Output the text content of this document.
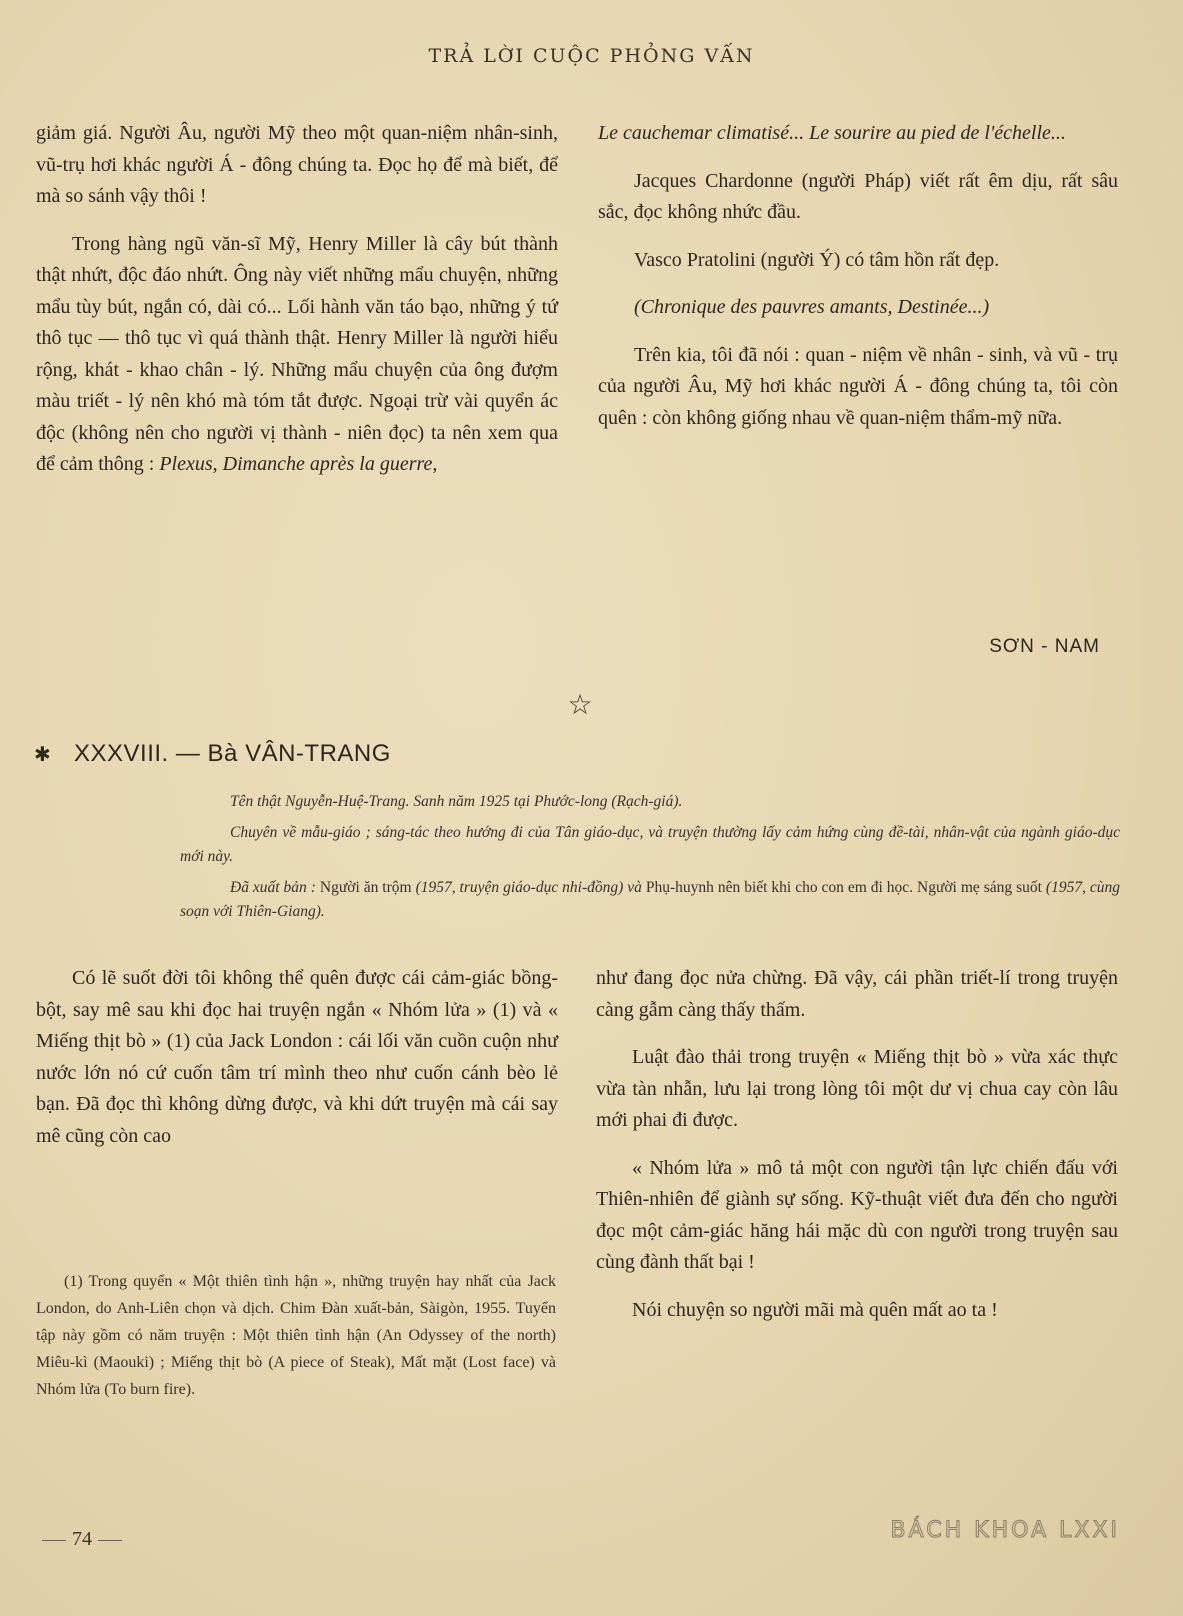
TRẢ LỜI CUỘC PHỎNG VẤN

giảm giá. Người Âu, người Mỹ theo một quan-niệm nhân-sinh, vũ-trụ hơi khác người Á - đông chúng ta. Đọc họ để mà biết, để mà so sánh vậy thôi !

Trong hàng ngũ văn-sĩ Mỹ, Henry Miller là cây bút thành thật nhứt, độc đáo nhứt. Ông này viết những mẩu chuyện, những mẩu tùy bút, ngắn có, dài có... Lối hành văn táo bạo, những ý tứ thô tục — thô tục vì quá thành thật. Henry Miller là người hiểu rộng, khát - khao chân - lý. Những mẩu chuyện của ông đượm màu triết - lý nên khó mà tóm tắt được. Ngoại trừ vài quyển ác độc (không nên cho người vị thành - niên đọc) ta nên xem qua để cảm thông : Plexus, Dimanche après la guerre,

Le cauchemar climatisé... Le sourire au pied de l'échelle...

Jacques Chardonne (người Pháp) viết rất êm dịu, rất sâu sắc, đọc không nhức đầu.

Vasco Pratolini (người Ý) có tâm hồn rất đẹp.

(Chronique des pauvres amants, Destinée...)

Trên kia, tôi đã nói : quan - niệm về nhân - sinh, và vũ - trụ của người Âu, Mỹ hơi khác người Á - đông chúng ta, tôi còn quên : còn không giống nhau về quan-niệm thẩm-mỹ nữa.

SƠN - NAM
☆
✱ XXXVIII. — Bà VÂN-TRANG

Tên thật Nguyễn-Huệ-Trang. Sanh năm 1925 tại Phước-long (Rạch-giá).

Chuyên về mẫu-giáo ; sáng-tác theo hướng đi của Tân giáo-dục, và truyện thường lấy cảm hứng cùng đề-tài, nhân-vật của ngành giáo-dục mới này.

Đã xuất bản : Người ăn trộm (1957, truyện giáo-dục nhi-đồng) và Phụ-huynh nên biết khi cho con em đi học. Người mẹ sáng suốt (1957, cùng soạn với Thiên-Giang).

Có lẽ suốt đời tôi không thể quên được cái cảm-giác bồng-bột, say mê sau khi đọc hai truyện ngắn « Nhóm lửa » (1) và « Miếng thịt bò » (1) của Jack London : cái lối văn cuồn cuộn như nước lớn nó cứ cuốn tâm trí mình theo như cuốn cánh bèo lẻ bạn. Đã đọc thì không dừng được, và khi dứt truyện mà cái say mê cũng còn cao

(1) Trong quyển « Một thiên tình hận », những truyện hay nhất của Jack London, do Anh-Liên chọn và dịch. Chim Đàn xuất-bản, Sàigòn, 1955. Tuyển tập này gồm có năm truyện : Một thiên tình hận (An Odyssey of the north) Miêu-kì (Maouki) ; Miếng thịt bò (A piece of Steak), Mất mặt (Lost face) và Nhóm lửa (To burn fire).

như đang đọc nửa chừng. Đã vậy, cái phần triết-lí trong truyện càng gẫm càng thấy thấm.

Luật đào thải trong truyện « Miếng thịt bò » vừa xác thực vừa tàn nhẫn, lưu lại trong lòng tôi một dư vị chua cay còn lâu mới phai đi được.

« Nhóm lửa » mô tả một con người tận lực chiến đấu với Thiên-nhiên để giành sự sống. Kỹ-thuật viết đưa đến cho người đọc một cảm-giác hăng hái mặc dù con người trong truyện sau cùng đành thất bại !

Nói chuyện so người mãi mà quên mất ao ta !

74	BÁCH KHOA LXXI
